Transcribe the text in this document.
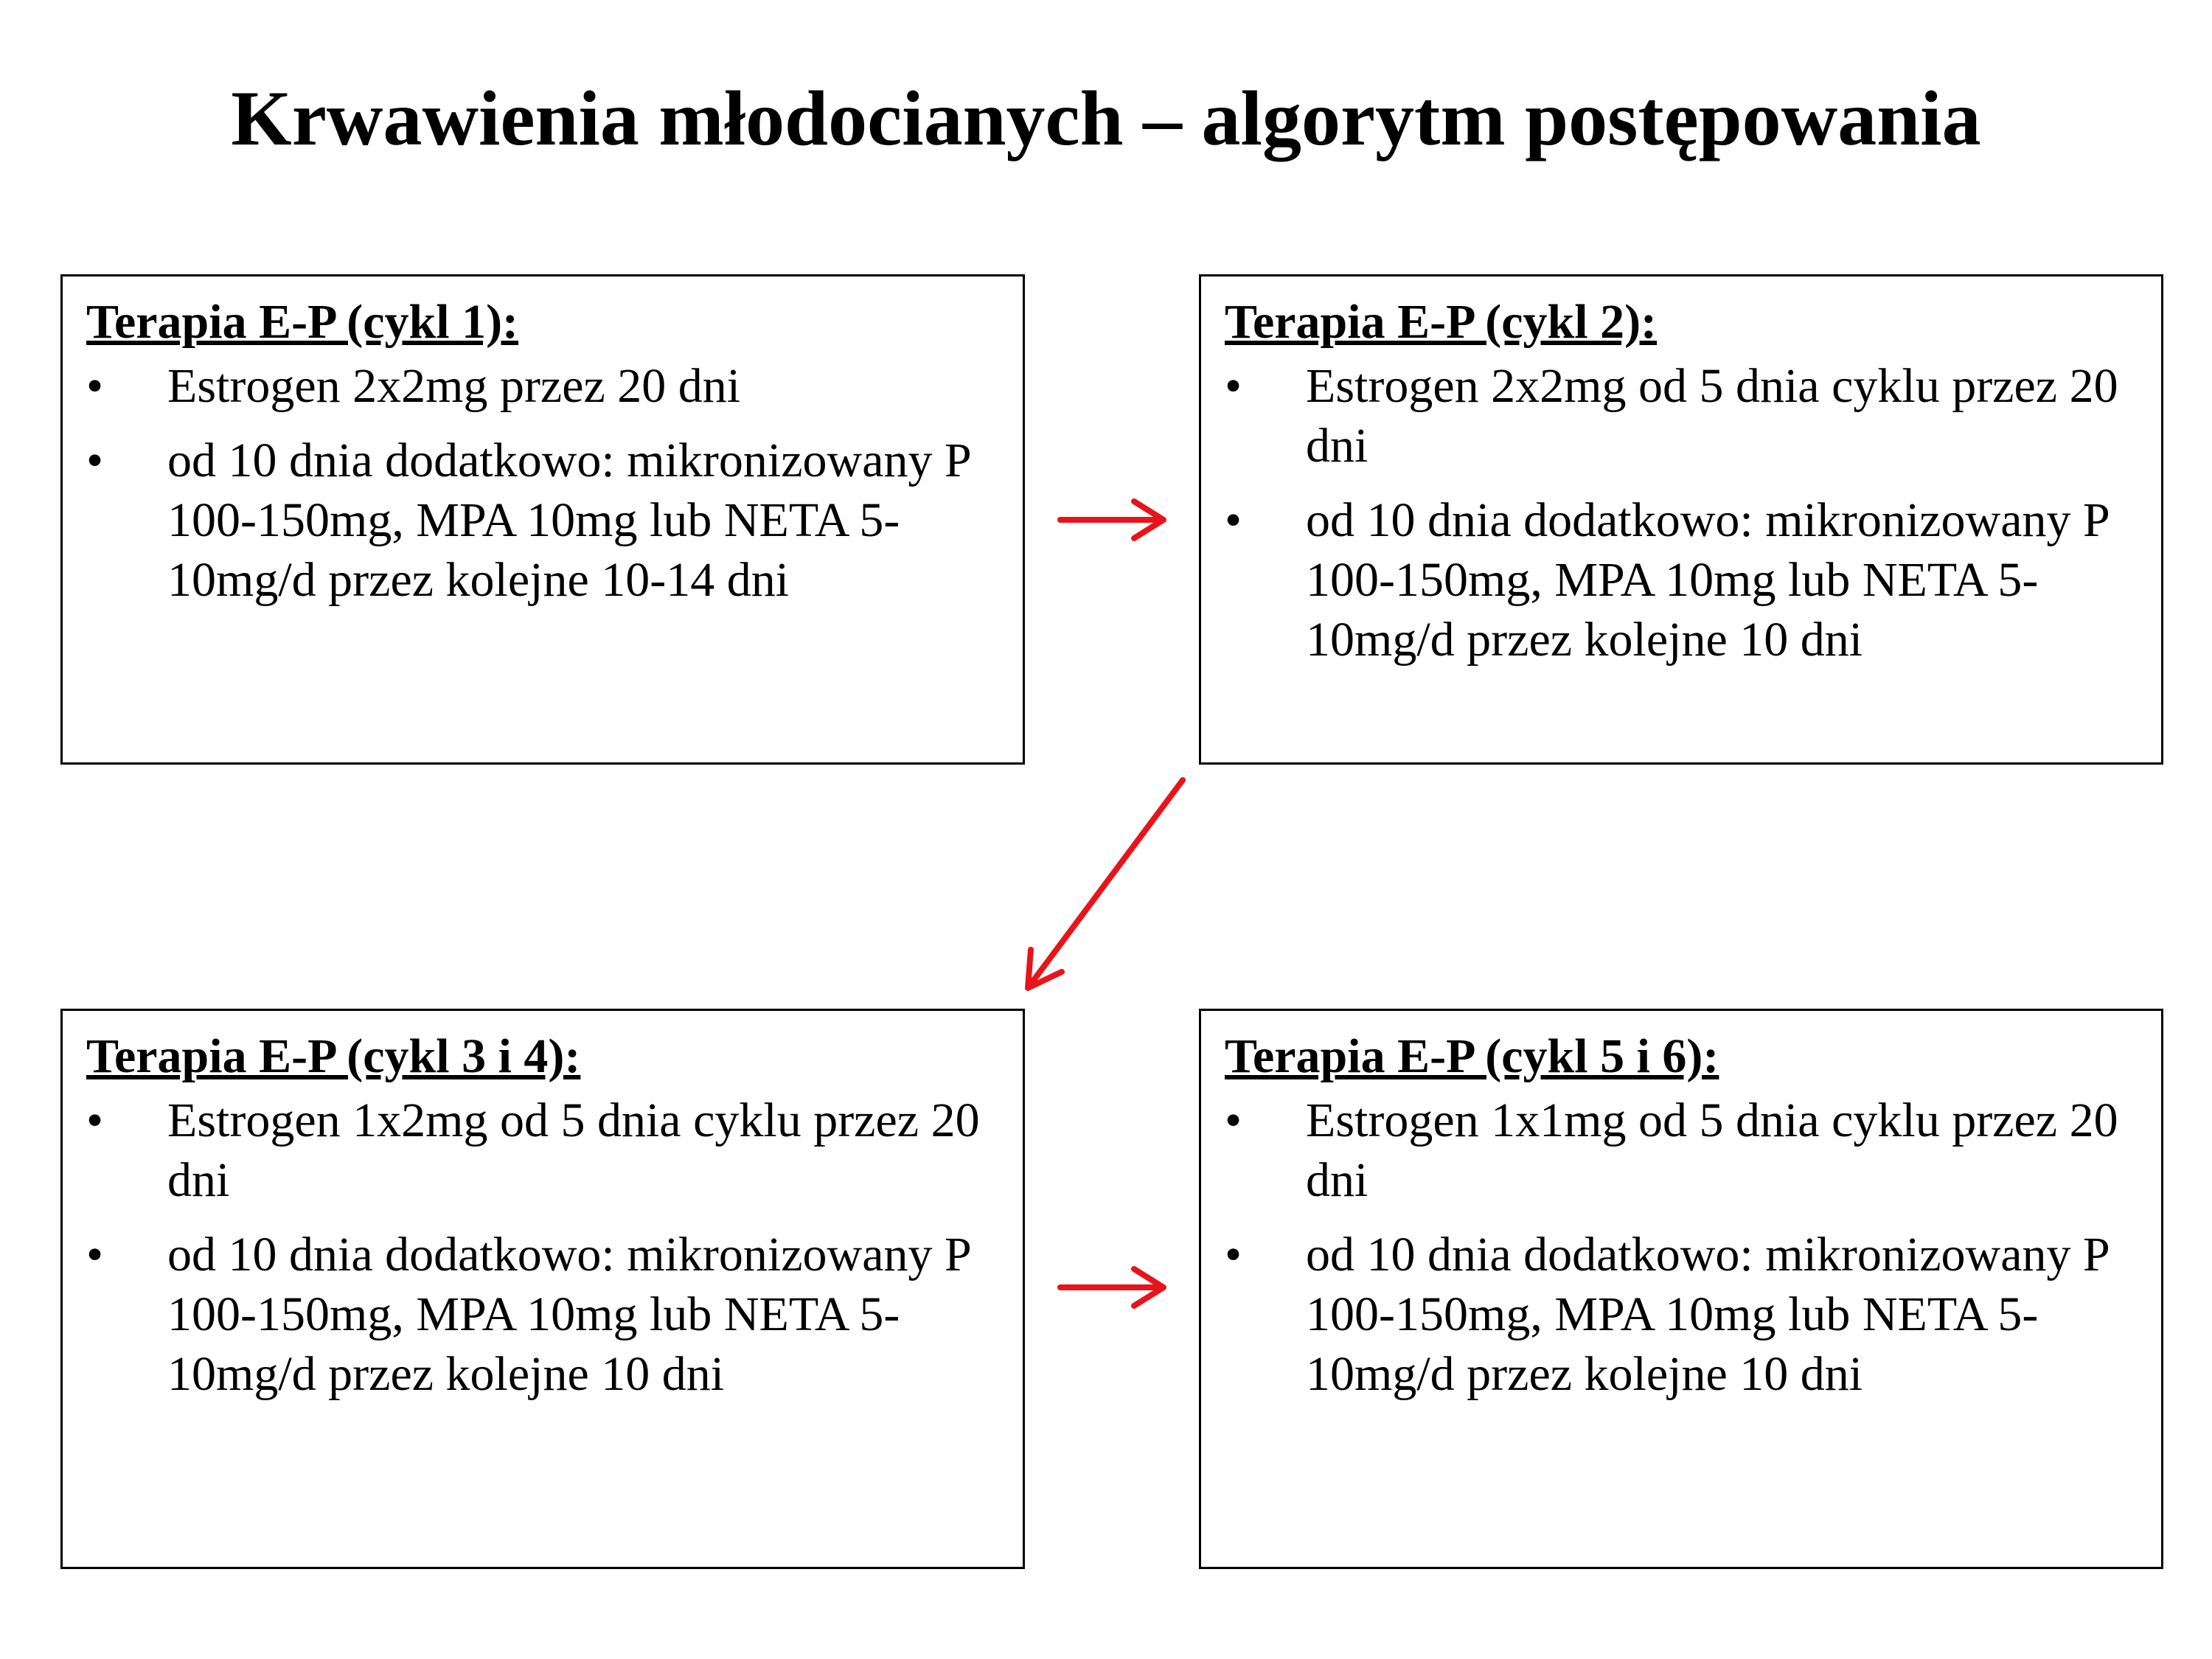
Krwawienia młodocianych – algorytm postępowania
Terapia E-P (cykl 1):
• Estrogen 2x2mg przez 20 dni
• od 10 dnia dodatkowo: mikronizowany P 100-150mg, MPA 10mg lub NETA 5-10mg/d przez kolejne 10-14 dni
Terapia E-P (cykl 2):
• Estrogen 2x2mg od 5 dnia cyklu przez 20 dni
• od 10 dnia dodatkowo: mikronizowany P 100-150mg, MPA 10mg lub NETA 5-10mg/d przez kolejne 10 dni
Terapia E-P (cykl 3 i 4):
• Estrogen 1x2mg od 5 dnia cyklu przez 20 dni
• od 10 dnia dodatkowo: mikronizowany P 100-150mg, MPA 10mg lub NETA 5-10mg/d przez kolejne 10 dni
Terapia E-P (cykl 5 i 6):
• Estrogen 1x1mg od 5 dnia cyklu przez 20 dni
• od 10 dnia dodatkowo: mikronizowany P 100-150mg, MPA 10mg lub NETA 5-10mg/d przez kolejne 10 dni
